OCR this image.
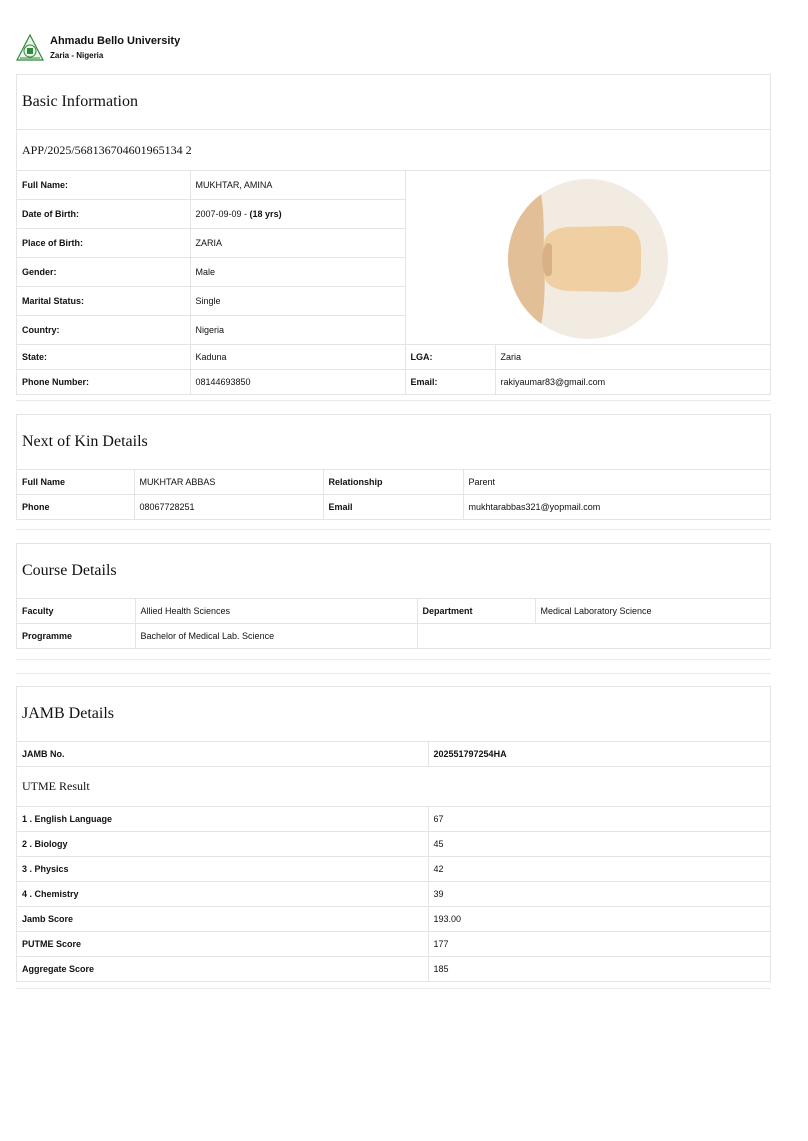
Ahmadu Bello University
Zaria - Nigeria
Basic Information
APP/2025/568136704601965134 2
Full Name:	MUKHTAR, AMINA	

Date of Birth:	2007-09-09 - (18 yrs)		
Place of Birth:	ZARIA		
Gender:	Male		
Marital Status:	Single		
Country:	Nigeria		
State:	Kaduna	LGA:	Zaria
Phone Number:	08144693850	Email:	rakiyaumar83@gmail.com
Next of Kin Details
Full Name	MUKHTAR ABBAS	Relationship	Parent
Phone	08067728251	Email	mukhtarabbas321@yopmail.com
Course Details
Faculty	Allied Health Sciences	Department	Medical Laboratory Science
Programme	Bachelor of Medical Lab. Science		
JAMB Details
JAMB No.	202551797254HA
UTME Result
1 . English Language	67
2 . Biology	45
3 . Physics	42
4 . Chemistry	39
Jamb Score	193.00
PUTME Score	177
Aggregate Score	185
